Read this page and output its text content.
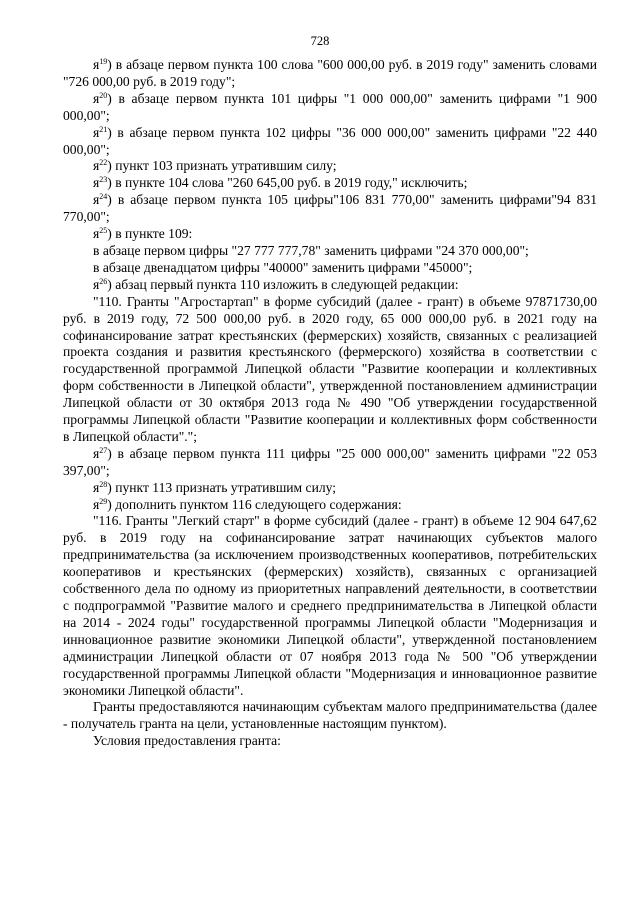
728

$я^{19}$) в абзаце первом пункта 100 слова "600 000,00 руб. в 2019 году" заменить словами "726 000,00 руб. в 2019 году";

$я^{20}$) в абзаце первом пункта 101 цифры "1 000 000,00" заменить цифрами "1 900 000,00";

$я^{21}$) в абзаце первом пункта 102 цифры "36 000 000,00" заменить цифрами "22 440 000,00";

$я^{22}$) пункт 103 признать утратившим силу;

$я^{23}$) в пункте 104 слова "260 645,00 руб. в 2019 году," исключить;

$я^{24}$) в абзаце первом пункта 105 цифры"106 831 770,00" заменить цифрами"94 831 770,00";

$я^{25}$) в пункте 109:

в абзаце первом цифры "27 777 777,78" заменить цифрами "24 370 000,00";

в абзаце двенадцатом цифры "40000" заменить цифрами "45000";

$я^{26}$) абзац первый пункта 110 изложить в следующей редакции:

"110. Гранты "Агростартап" в форме субсидий (далее - грант) в объеме 97871730,00 руб. в 2019 году, 72 500 000,00 руб. в 2020 году, 65 000 000,00 руб. в 2021 году на софинансирование затрат крестьянских (фермерских) хозяйств, связанных с реализацией проекта создания и развития крестьянского (фермерского) хозяйства в соответствии с государственной программой Липецкой области "Развитие кооперации и коллективных форм собственности в Липецкой области", утвержденной постановлением администрации Липецкой области от 30 октября 2013 года № 490 "Об утверждении государственной программы Липецкой области "Развитие кооперации и коллективных форм собственности в Липецкой области".";

$я^{27}$) в абзаце первом пункта 111 цифры "25 000 000,00" заменить цифрами "22 053 397,00";

$я^{28}$) пункт 113 признать утратившим силу;

$я^{29}$) дополнить пунктом 116 следующего содержания:

"116. Гранты "Легкий старт" в форме субсидий (далее - грант) в объеме 12 904 647,62 руб. в 2019 году на софинансирование затрат начинающих субъектов малого предпринимательства (за исключением производственных кооперативов, потребительских кооперативов и крестьянских (фермерских) хозяйств), связанных с организацией собственного дела по одному из приоритетных направлений деятельности, в соответствии с подпрограммой "Развитие малого и среднего предпринимательства в Липецкой области на 2014 - 2024 годы" государственной программы Липецкой области "Модернизация и инновационное развитие экономики Липецкой области", утвержденной постановлением администрации Липецкой области от 07 ноября 2013 года № 500 "Об утверждении государственной программы Липецкой области "Модернизация и инновационное развитие экономики Липецкой области".

Гранты предоставляются начинающим субъектам малого предпринимательства (далее - получатель гранта на цели, установленные настоящим пунктом).

Условия предоставления гранта:
